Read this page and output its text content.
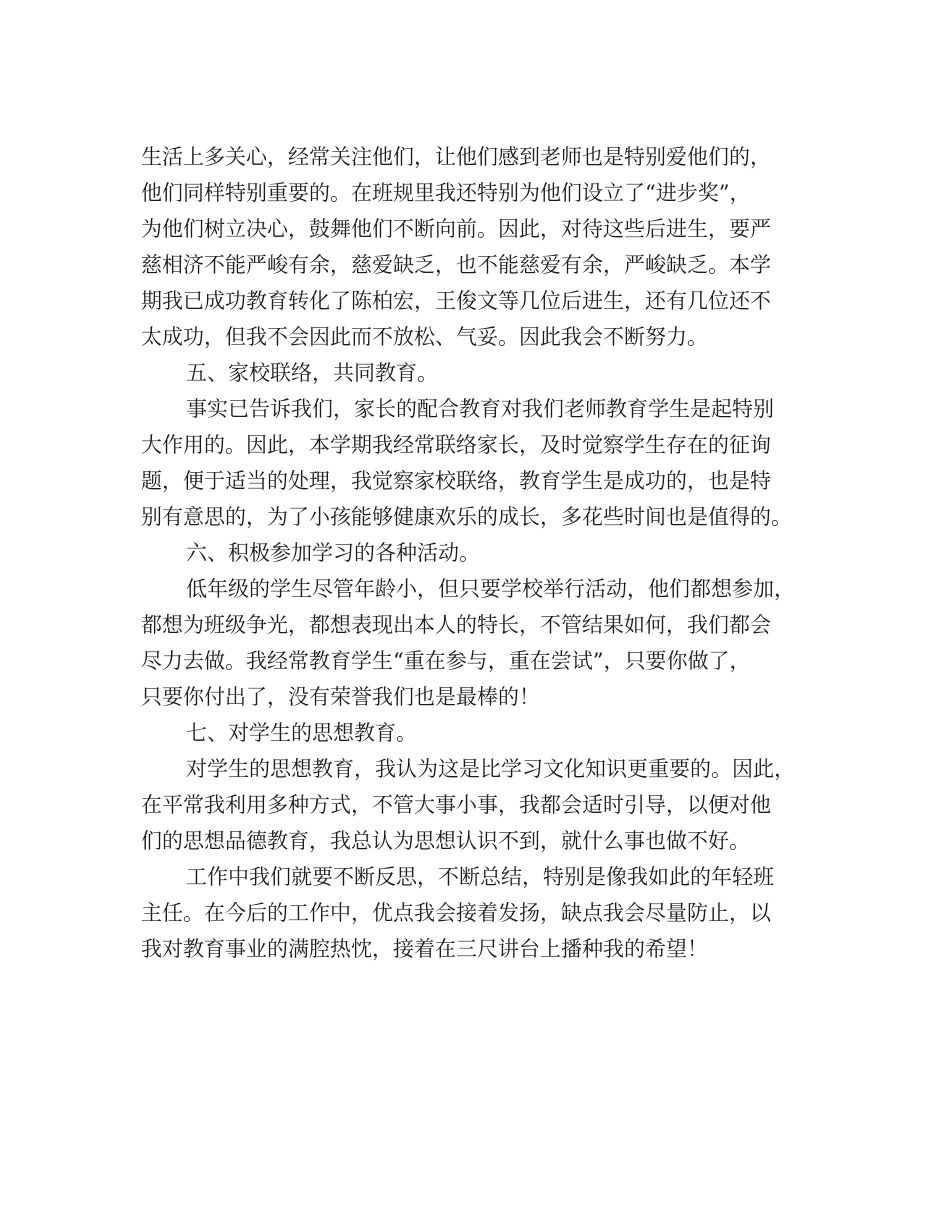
生活上多关心，经常关注他们，让他们感到老师也是特别爱他们的，
他们同样特别重要的。在班规里我还特别为他们设立了“进步奖”，
为他们树立决心，鼓舞他们不断向前。因此，对待这些后进生，要严
慈相济不能严峻有余，慈爱缺乏，也不能慈爱有余，严峻缺乏。本学
期我已成功教育转化了陈柏宏，王俊文等几位后进生，还有几位还不
太成功，但我不会因此而不放松、气妥。因此我会不断努力。
五、家校联络，共同教育。
事实已告诉我们，家长的配合教育对我们老师教育学生是起特别
大作用的。因此，本学期我经常联络家长，及时觉察学生存在的征询
题，便于适当的处理，我觉察家校联络，教育学生是成功的，也是特
别有意思的，为了小孩能够健康欢乐的成长，多花些时间也是值得的。
六、积极参加学习的各种活动。
低年级的学生尽管年龄小，但只要学校举行活动，他们都想参加，
都想为班级争光，都想表现出本人的特长，不管结果如何，我们都会
尽力去做。我经常教育学生“重在参与，重在尝试”，只要你做了，
只要你付出了，没有荣誉我们也是最棒的！
七、对学生的思想教育。
对学生的思想教育，我认为这是比学习文化知识更重要的。因此，
在平常我利用多种方式，不管大事小事，我都会适时引导，以便对他
们的思想品德教育，我总认为思想认识不到，就什么事也做不好。
工作中我们就要不断反思，不断总结，特别是像我如此的年轻班
主任。在今后的工作中，优点我会接着发扬，缺点我会尽量防止，以
我对教育事业的满腔热忱，接着在三尺讲台上播种我的希望！
